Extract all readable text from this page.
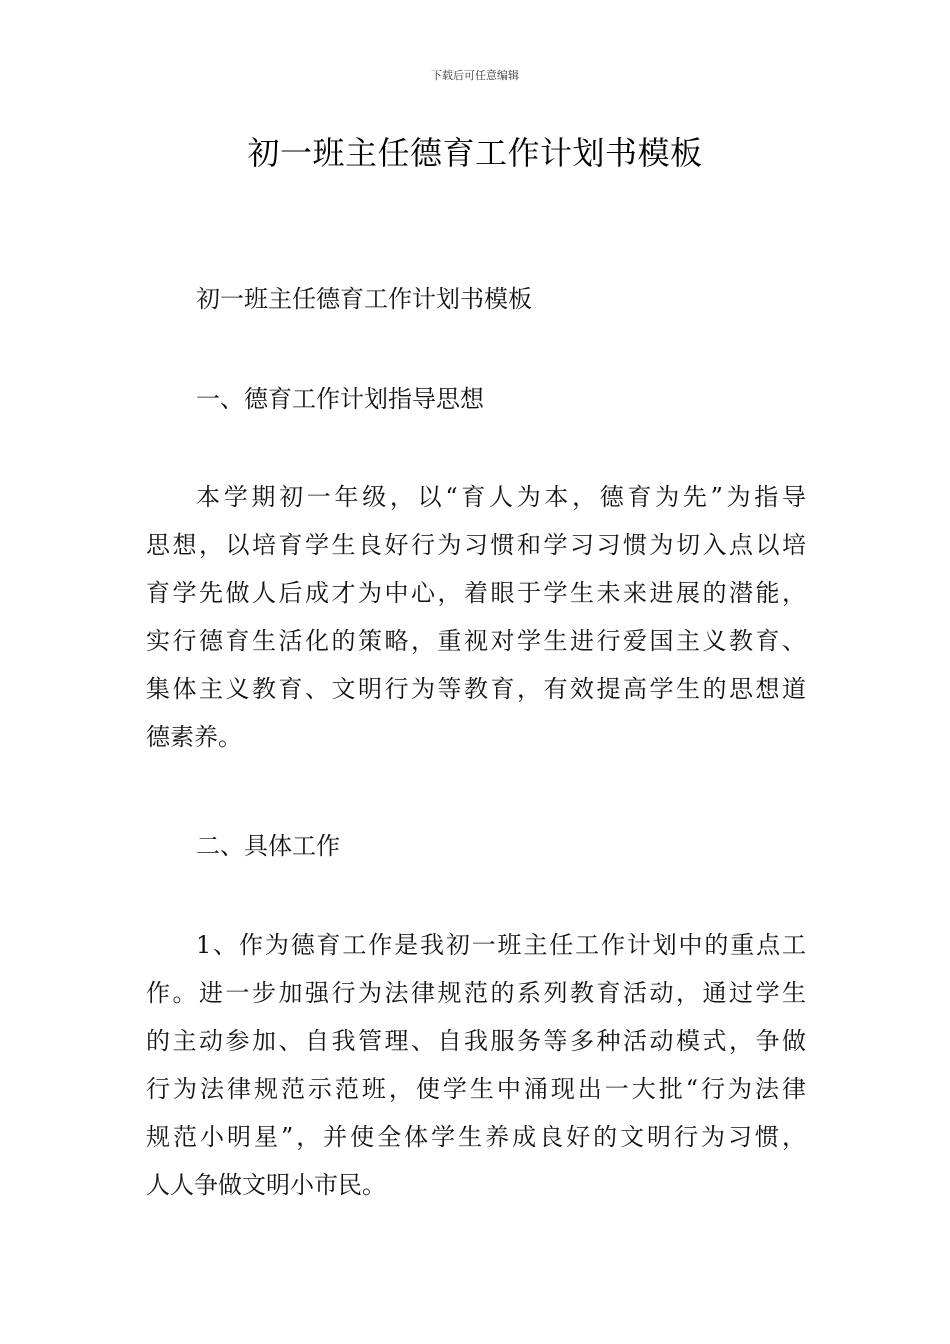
下载后可任意编辑
初一班主任德育工作计划书模板
初一班主任德育工作计划书模板
一、德育工作计划指导思想
本学期初一年级，以“育人为本，德育为先”为指导
思想，以培育学生良好行为习惯和学习习惯为切入点以培
育学先做人后成才为中心，着眼于学生未来进展的潜能，
实行德育生活化的策略，重视对学生进行爱国主义教育、
集体主义教育、文明行为等教育，有效提高学生的思想道
德素养。
二、具体工作
1、作为德育工作是我初一班主任工作计划中的重点工
作。进一步加强行为法律规范的系列教育活动，通过学生
的主动参加、自我管理、自我服务等多种活动模式，争做
行为法律规范示范班，使学生中涌现出一大批“行为法律
规范小明星”，并使全体学生养成良好的文明行为习惯，
人人争做文明小市民。
